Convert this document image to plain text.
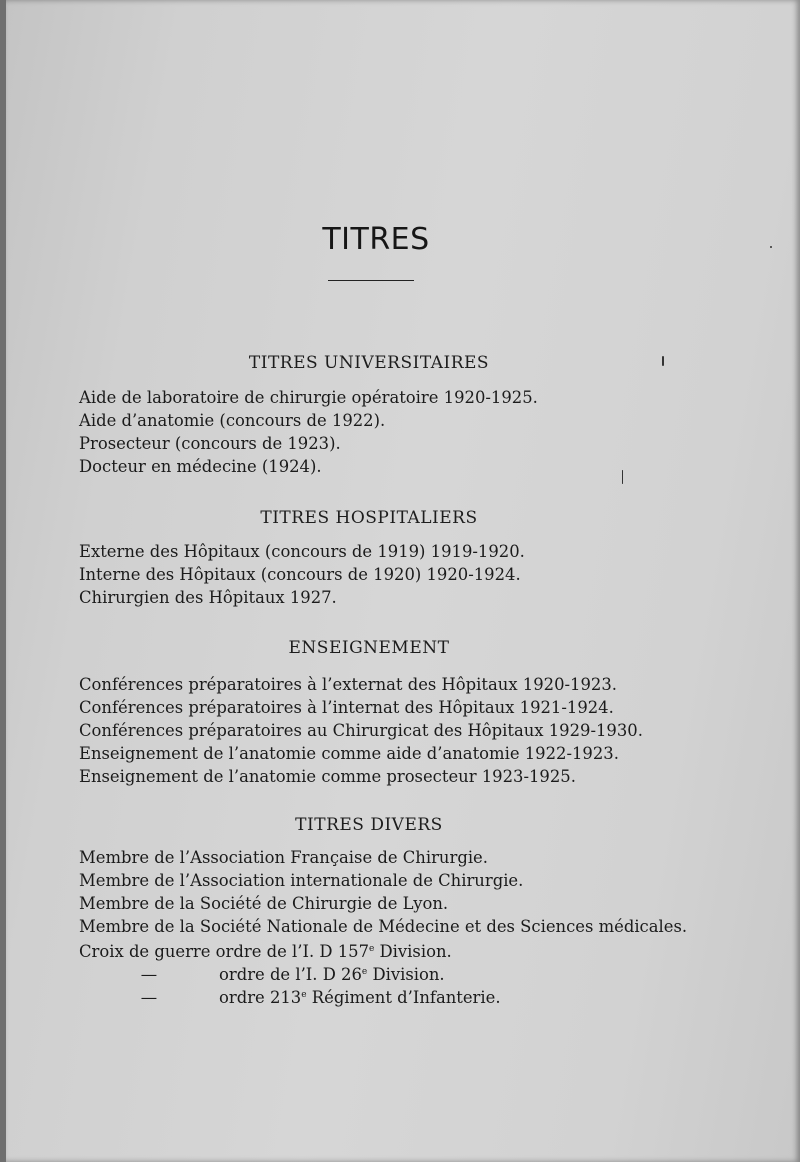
TITRES
TITRES UNIVERSITAIRES
Aide de laboratoire de chirurgie opératoire 1920-1925.
Aide d’anatomie (concours de 1922).
Prosecteur (concours de 1923).
Docteur en médecine (1924).
TITRES HOSPITALIERS
Externe des Hôpitaux (concours de 1919) 1919-1920.
Interne des Hôpitaux (concours de 1920) 1920-1924.
Chirurgien des Hôpitaux 1927.
ENSEIGNEMENT
Conférences préparatoires à l’externat des Hôpitaux 1920-1923.
Conférences préparatoires à l’internat des Hôpitaux 1921-1924.
Conférences préparatoires au Chirurgicat des Hôpitaux 1929-1930.
Enseignement de l’anatomie comme aide d’anatomie 1922-1923.
Enseignement de l’anatomie comme prosecteur 1923-1925.
TITRES DIVERS
Membre de l’Association Française de Chirurgie.
Membre de l’Association internationale de Chirurgie.
Membre de la Société de Chirurgie de Lyon.
Membre de la Société Nationale de Médecine et des Sciences médicales.
Croix de guerre ordre de l’I. D 157e Division.
—	ordre de l’I. D 26e Division.
—	ordre 213e Régiment d’Infanterie.
